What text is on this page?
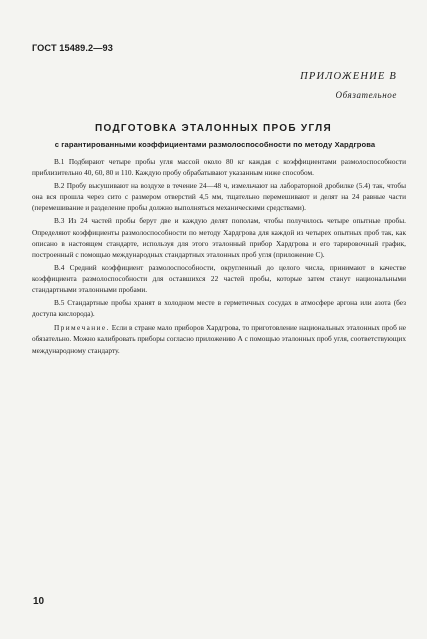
ГОСТ 15489.2—93
ПРИЛОЖЕНИЕ В
Обязательное
ПОДГОТОВКА ЭТАЛОННЫХ ПРОБ УГЛЯ
с гарантированными коэффициентами размолоспособности по методу Хардгрова

В.1 Подбирают четыре пробы угля массой около 80 кг каждая с коэффициентами размолоспособности приблизительно 40, 60, 80 и 110. Каждую пробу обрабатывают указанным ниже способом.

В.2 Пробу высушивают на воздухе в течение 24—48 ч, измельчают на лабораторной дробилке (5.4) так, чтобы она вся прошла через сито с размером отверстий 4,5 мм, тщательно перемешивают и делят на 24 равные части (перемешивание и разделение пробы должно выполняться механическими средствами).

В.3 Из 24 частей пробы берут две и каждую делят пополам, чтобы получилось четыре опытные пробы. Определяют коэффициенты размолоспособности по методу Хардгрова для каждой из четырех опытных проб так, как описано в настоящем стандарте, используя для этого эталонный прибор Хардгрова и его тарировочный график, построенный с помощью международных стандартных эталонных проб угля (приложение С).

В.4 Средний коэффициент размолоспособности, округленный до целого числа, принимают в качестве коэффициента размолоспособности для оставшихся 22 частей пробы, которые затем станут национальными стандартными эталонными пробами.

В.5 Стандартные пробы хранят в холодном месте в герметичных сосудах в атмосфере аргона или азота (без доступа кислорода).

Примечание. Если в стране мало приборов Хардгрова, то приготовление национальных эталонных проб не обязательно. Можно калибровать приборы согласно приложению А с помощью эталонных проб угля, соответствующих международному стандарту.

10
